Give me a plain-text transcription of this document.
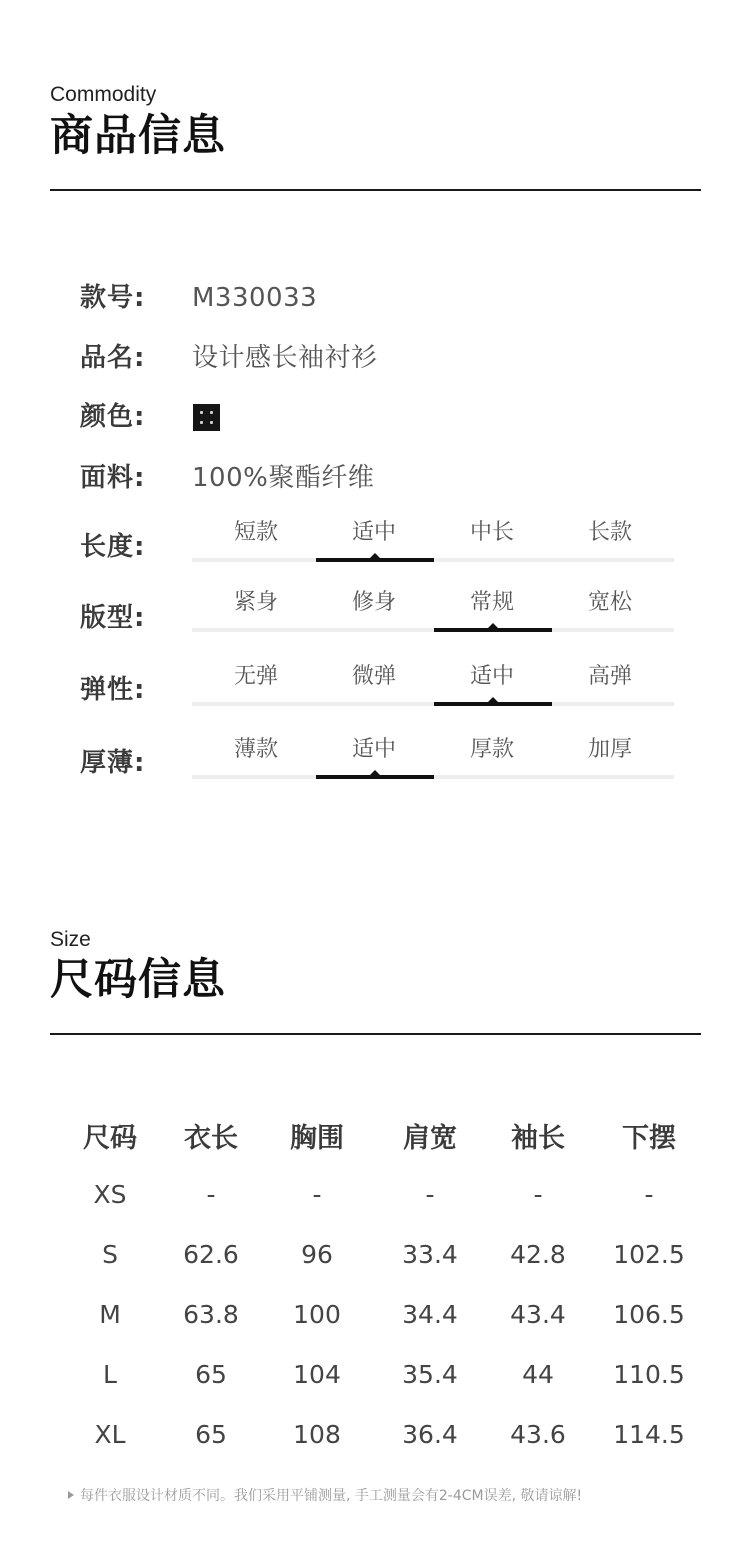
Commodity
商品信息
款号: M330033
品名: 设计感长袖衬衫
颜色:
面料: 100%聚酯纤维
长度:	短款	适中	中长	长款
版型:
紧身	修身	常规	宽松
弹性:	无弹	微弹	适中	高弹
厚薄:	薄款	适中	厚款	加厚
Size
尺码信息
尺码	衣长	胸围	肩宽	袖长	下摆
XS	-	-	-	-	-
S	62.6	96	33.4	42.8	102.5
M	63.8	100	34.4	43.4	106.5
L	65	104	35.4	44	110.5
XL	65	108	36.4	43.6	114.5
每件衣服设计材质不同。我们采用平铺测量, 手工测量会有2-4CM误差, 敬请谅解!
